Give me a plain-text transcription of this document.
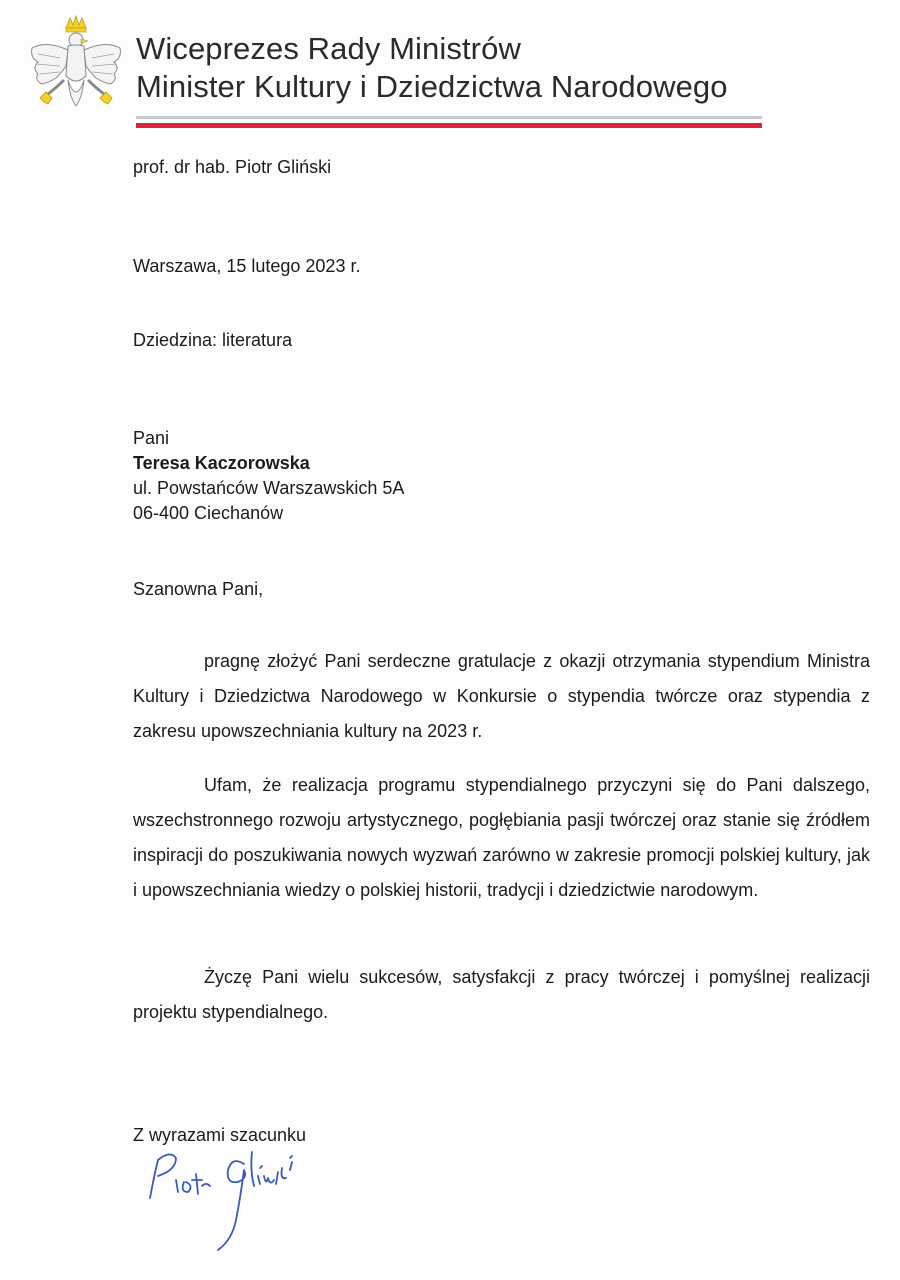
Wiceprezes Rady Ministrów
Minister Kultury i Dziedzictwa Narodowego
prof. dr hab. Piotr Gliński
Warszawa, 15 lutego 2023 r.
Dziedzina: literatura
Pani
Teresa Kaczorowska
ul. Powstańców Warszawskich 5A
06-400 Ciechanów
Szanowna Pani,

pragnę złożyć Pani serdeczne gratulacje z okazji otrzymania stypendium Ministra Kultury i Dziedzictwa Narodowego w Konkursie o stypendia twórcze oraz stypendia z zakresu upowszechniania kultury na 2023 r.

Ufam, że realizacja programu stypendialnego przyczyni się do Pani dalszego, wszechstronnego rozwoju artystycznego, pogłębiania pasji twórczej oraz stanie się źródłem inspiracji do poszukiwania nowych wyzwań zarówno w zakresie promocji polskiej kultury, jak i upowszechniania wiedzy o polskiej historii, tradycji i dziedzictwie narodowym.

Życzę Pani wielu sukcesów, satysfakcji z pracy twórczej i pomyślnej realizacji projektu stypendialnego.

Z wyrazami szacunku
